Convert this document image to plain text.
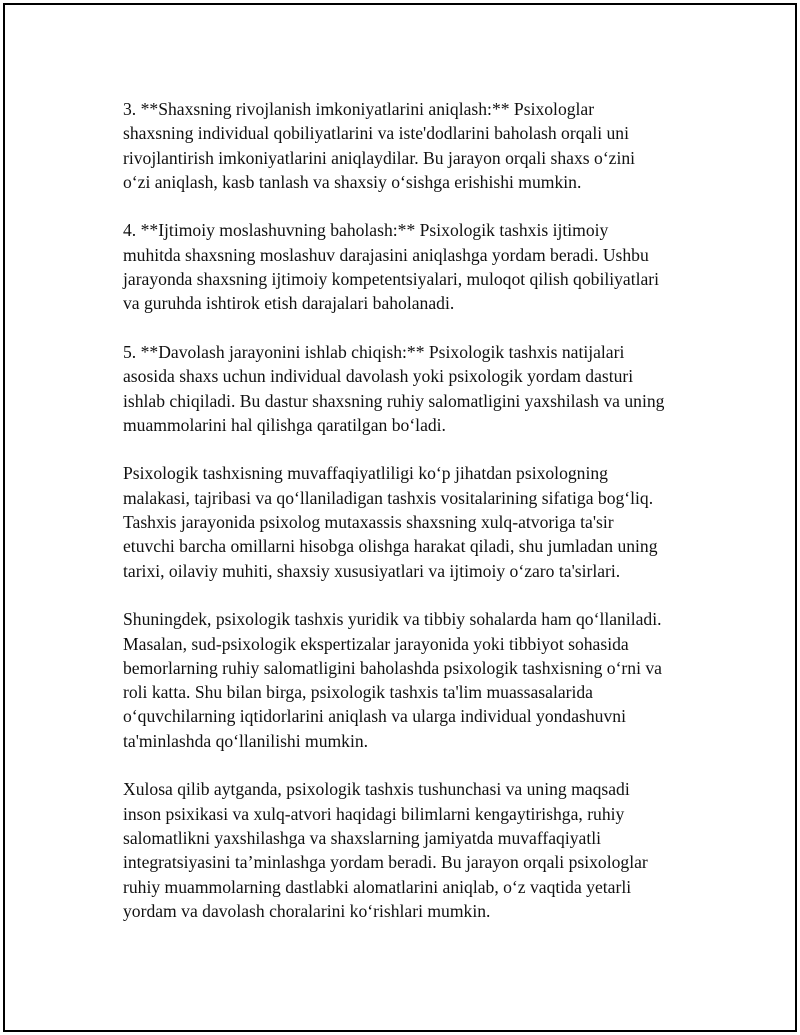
3. **Shaxsning rivojlanish imkoniyatlarini aniqlash:** Psixologlar
shaxsning individual qobiliyatlarini va iste'dodlarini baholash orqali uni
rivojlantirish imkoniyatlarini aniqlaydilar. Bu jarayon orqali shaxs o‘zini
o‘zi aniqlash, kasb tanlash va shaxsiy o‘sishga erishishi mumkin.

4. **Ijtimoiy moslashuvning baholash:** Psixologik tashxis ijtimoiy
muhitda shaxsning moslashuv darajasini aniqlashga yordam beradi. Ushbu
jarayonda shaxsning ijtimoiy kompetentsiyalari, muloqot qilish qobiliyatlari
va guruhda ishtirok etish darajalari baholanadi.

5. **Davolash jarayonini ishlab chiqish:** Psixologik tashxis natijalari
asosida shaxs uchun individual davolash yoki psixologik yordam dasturi
ishlab chiqiladi. Bu dastur shaxsning ruhiy salomatligini yaxshilash va uning
muammolarini hal qilishga qaratilgan bo‘ladi.

Psixologik tashxisning muvaffaqiyatliligi ko‘p jihatdan psixologning
malakasi, tajribasi va qo‘llaniladigan tashxis vositalarining sifatiga bog‘liq.
Tashxis jarayonida psixolog mutaxassis shaxsning xulq-atvoriga ta'sir
etuvchi barcha omillarni hisobga olishga harakat qiladi, shu jumladan uning
tarixi, oilaviy muhiti, shaxsiy xususiyatlari va ijtimoiy o‘zaro ta'sirlari.

Shuningdek, psixologik tashxis yuridik va tibbiy sohalarda ham qo‘llaniladi.
Masalan, sud-psixologik ekspertizalar jarayonida yoki tibbiyot sohasida
bemorlarning ruhiy salomatligini baholashda psixologik tashxisning o‘rni va
roli katta. Shu bilan birga, psixologik tashxis ta'lim muassasalarida
o‘quvchilarning iqtidorlarini aniqlash va ularga individual yondashuvni
ta'minlashda qo‘llanilishi mumkin.

Xulosa qilib aytganda, psixologik tashxis tushunchasi va uning maqsadi
inson psixikasi va xulq-atvori haqidagi bilimlarni kengaytirishga, ruhiy
salomatlikni yaxshilashga va shaxslarning jamiyatda muvaffaqiyatli
integratsiyasini ta’minlashga yordam beradi. Bu jarayon orqali psixologlar
ruhiy muammolarning dastlabki alomatlarini aniqlab, o‘z vaqtida yetarli
yordam va davolash choralarini ko‘rishlari mumkin.
